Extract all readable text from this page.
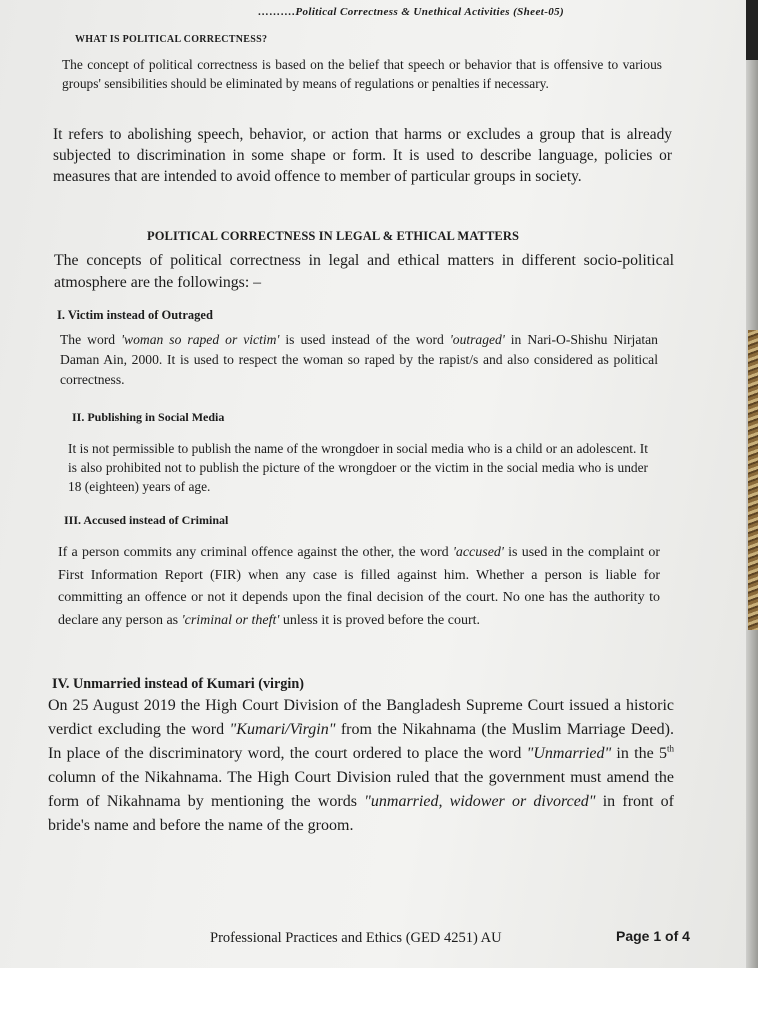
……….Political Correctness & Unethical Activities (Sheet-05)

WHAT IS POLITICAL CORRECTNESS?

The concept of political correctness is based on the belief that speech or behavior that is offensive to various groups' sensibilities should be eliminated by means of regulations or penalties if necessary.

It refers to abolishing speech, behavior, or action that harms or excludes a group that is already subjected to discrimination in some shape or form. It is used to describe language, policies or measures that are intended to avoid offence to member of particular groups in society.

POLITICAL CORRECTNESS IN LEGAL & ETHICAL MATTERS

The concepts of political correctness in legal and ethical matters in different socio-political atmosphere are the followings: –

I. Victim instead of Outraged

The word 'woman so raped or victim' is used instead of the word 'outraged' in Nari-O-Shishu Nirjatan Daman Ain, 2000. It is used to respect the woman so raped by the rapist/s and also considered as political correctness.

II. Publishing in Social Media

It is not permissible to publish the name of the wrongdoer in social media who is a child or an adolescent. It is also prohibited not to publish the picture of the wrongdoer or the victim in the social media who is under 18 (eighteen) years of age.

III. Accused instead of Criminal

If a person commits any criminal offence against the other, the word 'accused' is used in the complaint or First Information Report (FIR) when any case is filled against him. Whether a person is liable for committing an offence or not it depends upon the final decision of the court. No one has the authority to declare any person as 'criminal or theft' unless it is proved before the court.

IV. Unmarried instead of Kumari (virgin)

On 25 August 2019 the High Court Division of the Bangladesh Supreme Court issued a historic verdict excluding the word "Kumari/Virgin" from the Nikahnama (the Muslim Marriage Deed). In place of the discriminatory word, the court ordered to place the word "Unmarried" in the 5th column of the Nikahnama. The High Court Division ruled that the government must amend the form of Nikahnama by mentioning the words "unmarried, widower or divorced" in front of bride's name and before the name of the groom.

Professional Practices and Ethics (GED 4251) AU	Page 1 of 4
